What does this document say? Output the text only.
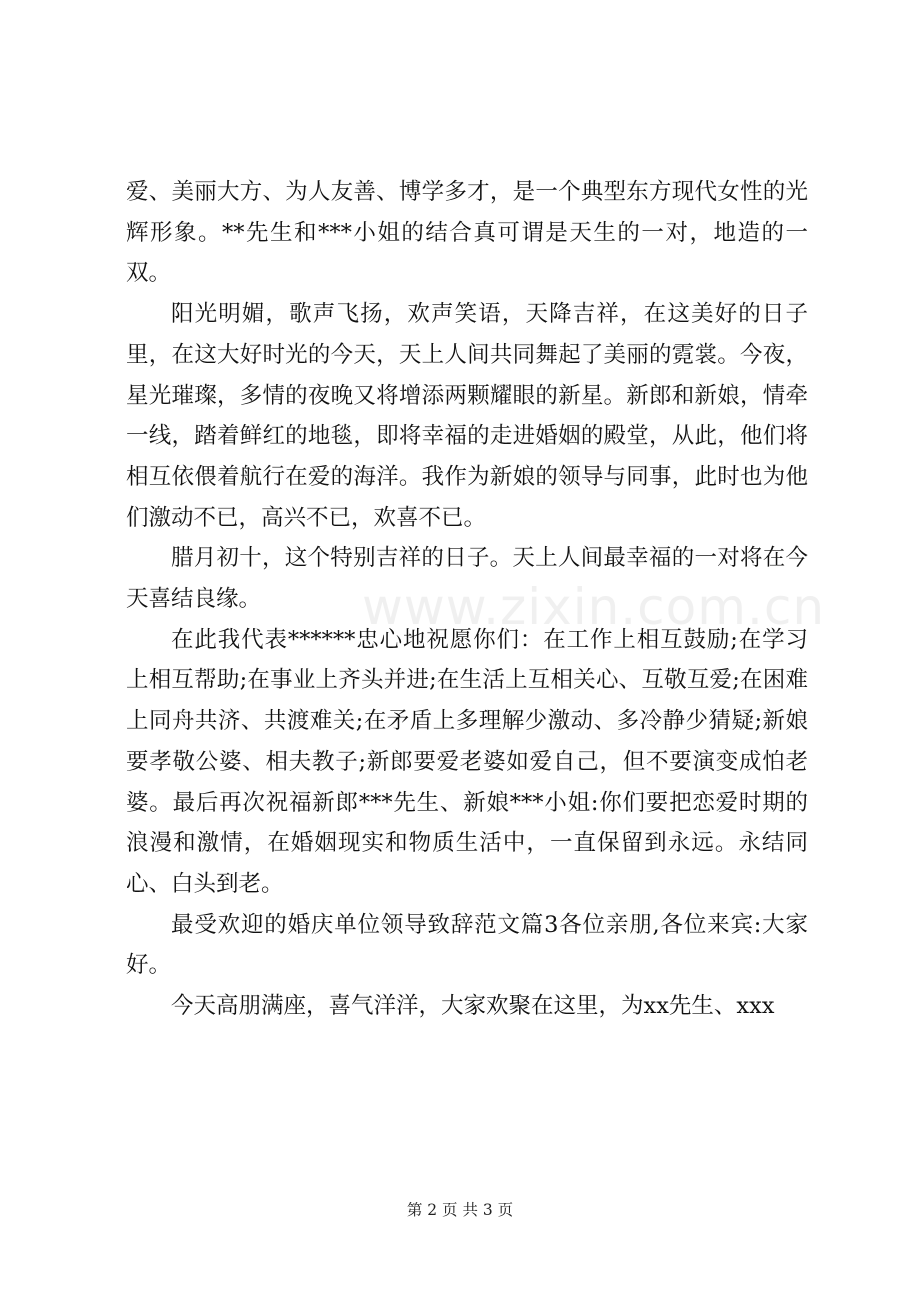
爱、美丽大方、为人友善、博学多才，是一个典型东方现代女性的光辉形象。**先生和***小姐的结合真可谓是天生的一对，地造的一双。

阳光明媚，歌声飞扬，欢声笑语，天降吉祥，在这美好的日子里，在这大好时光的今天，天上人间共同舞起了美丽的霓裳。今夜，星光璀璨，多情的夜晚又将增添两颗耀眼的新星。新郎和新娘，情牵一线，踏着鲜红的地毯，即将幸福的走进婚姻的殿堂，从此，他们将相互依偎着航行在爱的海洋。我作为新娘的领导与同事，此时也为他们激动不已，高兴不已，欢喜不已。

腊月初十，这个特别吉祥的日子。天上人间最幸福的一对将在今天喜结良缘。

在此我代表******忠心地祝愿你们：在工作上相互鼓励;在学习上相互帮助;在事业上齐头并进;在生活上互相关心、互敬互爱;在困难上同舟共济、共渡难关;在矛盾上多理解少激动、多冷静少猜疑;新娘要孝敬公婆、相夫教子;新郎要爱老婆如爱自己，但不要演变成怕老婆。最后再次祝福新郎***先生、新娘***小姐:你们要把恋爱时期的浪漫和激情，在婚姻现实和物质生活中，一直保留到永远。永结同心、白头到老。

最受欢迎的婚庆单位领导致辞范文篇3各位亲朋,各位来宾:大家好。

今天高朋满座，喜气洋洋，大家欢聚在这里，为xx先生、xxx

www.zixin.com.cn
第 2 页 共 3 页
